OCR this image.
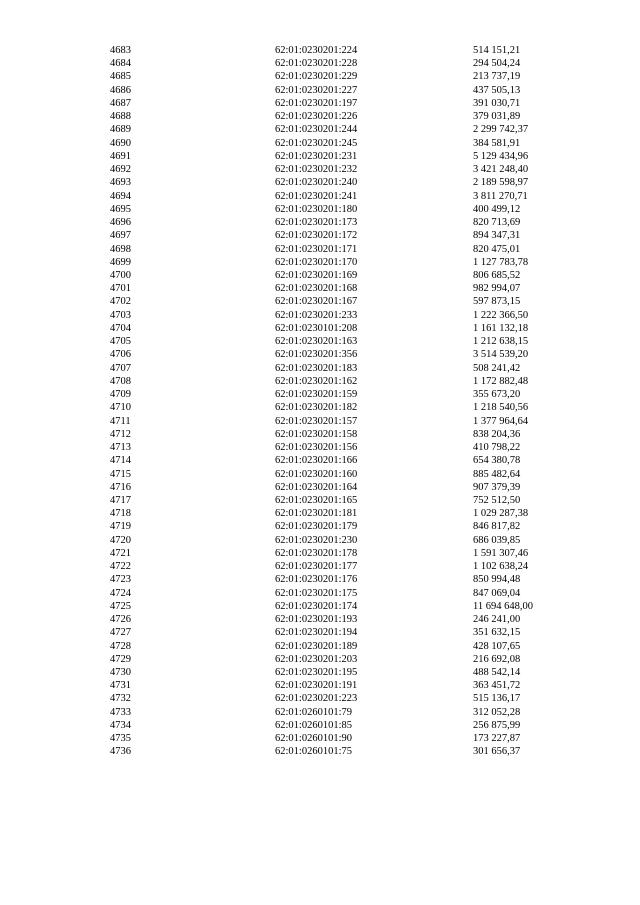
4683	62:01:0230201:224	514 151,21
4684	62:01:0230201:228	294 504,24
4685	62:01:0230201:229	213 737,19
4686	62:01:0230201:227	437 505,13
4687	62:01:0230201:197	391 030,71
4688	62:01:0230201:226	379 031,89
4689	62:01:0230201:244	2 299 742,37
4690	62:01:0230201:245	384 581,91
4691	62:01:0230201:231	5 129 434,96
4692	62:01:0230201:232	3 421 248,40
4693	62:01:0230201:240	2 189 598,97
4694	62:01:0230201:241	3 811 270,71
4695	62:01:0230201:180	400 499,12
4696	62:01:0230201:173	820 713,69
4697	62:01:0230201:172	894 347,31
4698	62:01:0230201:171	820 475,01
4699	62:01:0230201:170	1 127 783,78
4700	62:01:0230201:169	806 685,52
4701	62:01:0230201:168	982 994,07
4702	62:01:0230201:167	597 873,15
4703	62:01:0230201:233	1 222 366,50
4704	62:01:0230101:208	1 161 132,18
4705	62:01:0230201:163	1 212 638,15
4706	62:01:0230201:356	3 514 539,20
4707	62:01:0230201:183	508 241,42
4708	62:01:0230201:162	1 172 882,48
4709	62:01:0230201:159	355 673,20
4710	62:01:0230201:182	1 218 540,56
4711	62:01:0230201:157	1 377 964,64
4712	62:01:0230201:158	838 204,36
4713	62:01:0230201:156	410 798,22
4714	62:01:0230201:166	654 380,78
4715	62:01:0230201:160	885 482,64
4716	62:01:0230201:164	907 379,39
4717	62:01:0230201:165	752 512,50
4718	62:01:0230201:181	1 029 287,38
4719	62:01:0230201:179	846 817,82
4720	62:01:0230201:230	686 039,85
4721	62:01:0230201:178	1 591 307,46
4722	62:01:0230201:177	1 102 638,24
4723	62:01:0230201:176	850 994,48
4724	62:01:0230201:175	847 069,04
4725	62:01:0230201:174	11 694 648,00
4726	62:01:0230201:193	246 241,00
4727	62:01:0230201:194	351 632,15
4728	62:01:0230201:189	428 107,65
4729	62:01:0230201:203	216 692,08
4730	62:01:0230201:195	488 542,14
4731	62:01:0230201:191	363 451,72
4732	62:01:0230201:223	515 136,17
4733	62:01:0260101:79	312 052,28
4734	62:01:0260101:85	256 875,99
4735	62:01:0260101:90	173 227,87
4736	62:01:0260101:75	301 656,37
